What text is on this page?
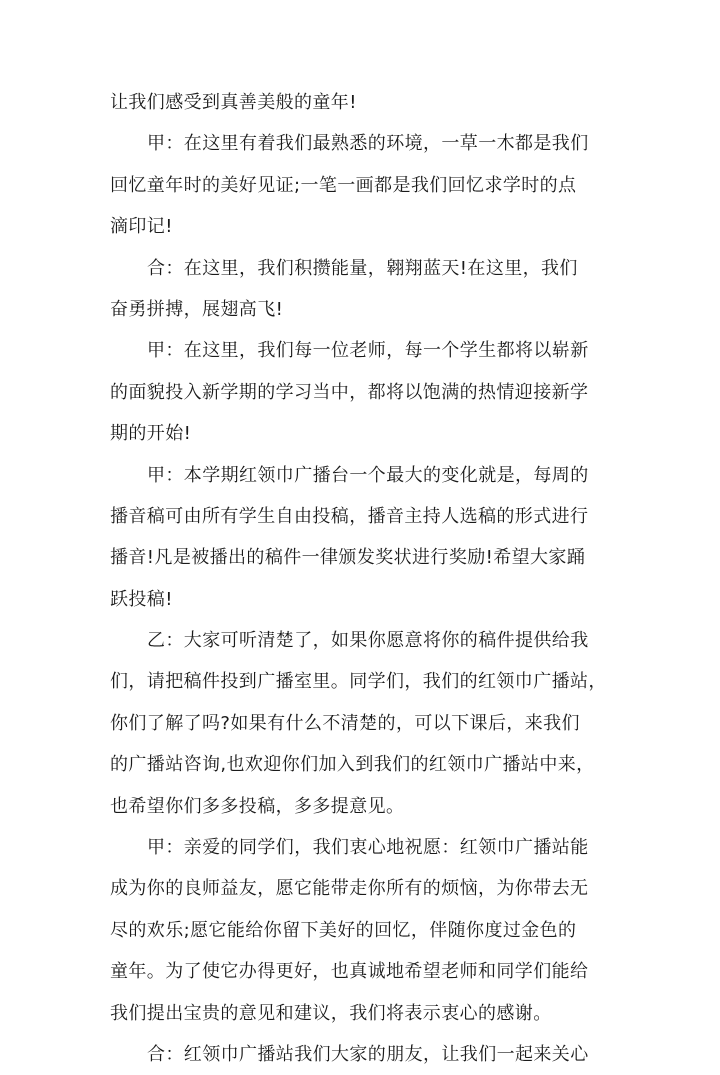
让我们感受到真善美般的童年!
甲：在这里有着我们最熟悉的环境，一草一木都是我们
回忆童年时的美好见证;一笔一画都是我们回忆求学时的点
滴印记!
合：在这里，我们积攒能量，翱翔蓝天!在这里，我们
奋勇拼搏，展翅高飞!
甲：在这里，我们每一位老师，每一个学生都将以崭新
的面貌投入新学期的学习当中，都将以饱满的热情迎接新学
期的开始!
甲：本学期红领巾广播台一个最大的变化就是，每周的
播音稿可由所有学生自由投稿，播音主持人选稿的形式进行
播音!凡是被播出的稿件一律颁发奖状进行奖励!希望大家踊
跃投稿!
乙：大家可听清楚了，如果你愿意将你的稿件提供给我
们，请把稿件投到广播室里。同学们，我们的红领巾广播站，
你们了解了吗?如果有什么不清楚的，可以下课后，来我们
的广播站咨询,也欢迎你们加入到我们的红领巾广播站中来，
也希望你们多多投稿，多多提意见。
甲：亲爱的同学们，我们衷心地祝愿：红领巾广播站能
成为你的良师益友，愿它能带走你所有的烦恼，为你带去无
尽的欢乐;愿它能给你留下美好的回忆，伴随你度过金色的
童年。为了使它办得更好，也真诚地希望老师和同学们能给
我们提出宝贵的意见和建议，我们将表示衷心的感谢。
合：红领巾广播站我们大家的朋友，让我们一起来关心
